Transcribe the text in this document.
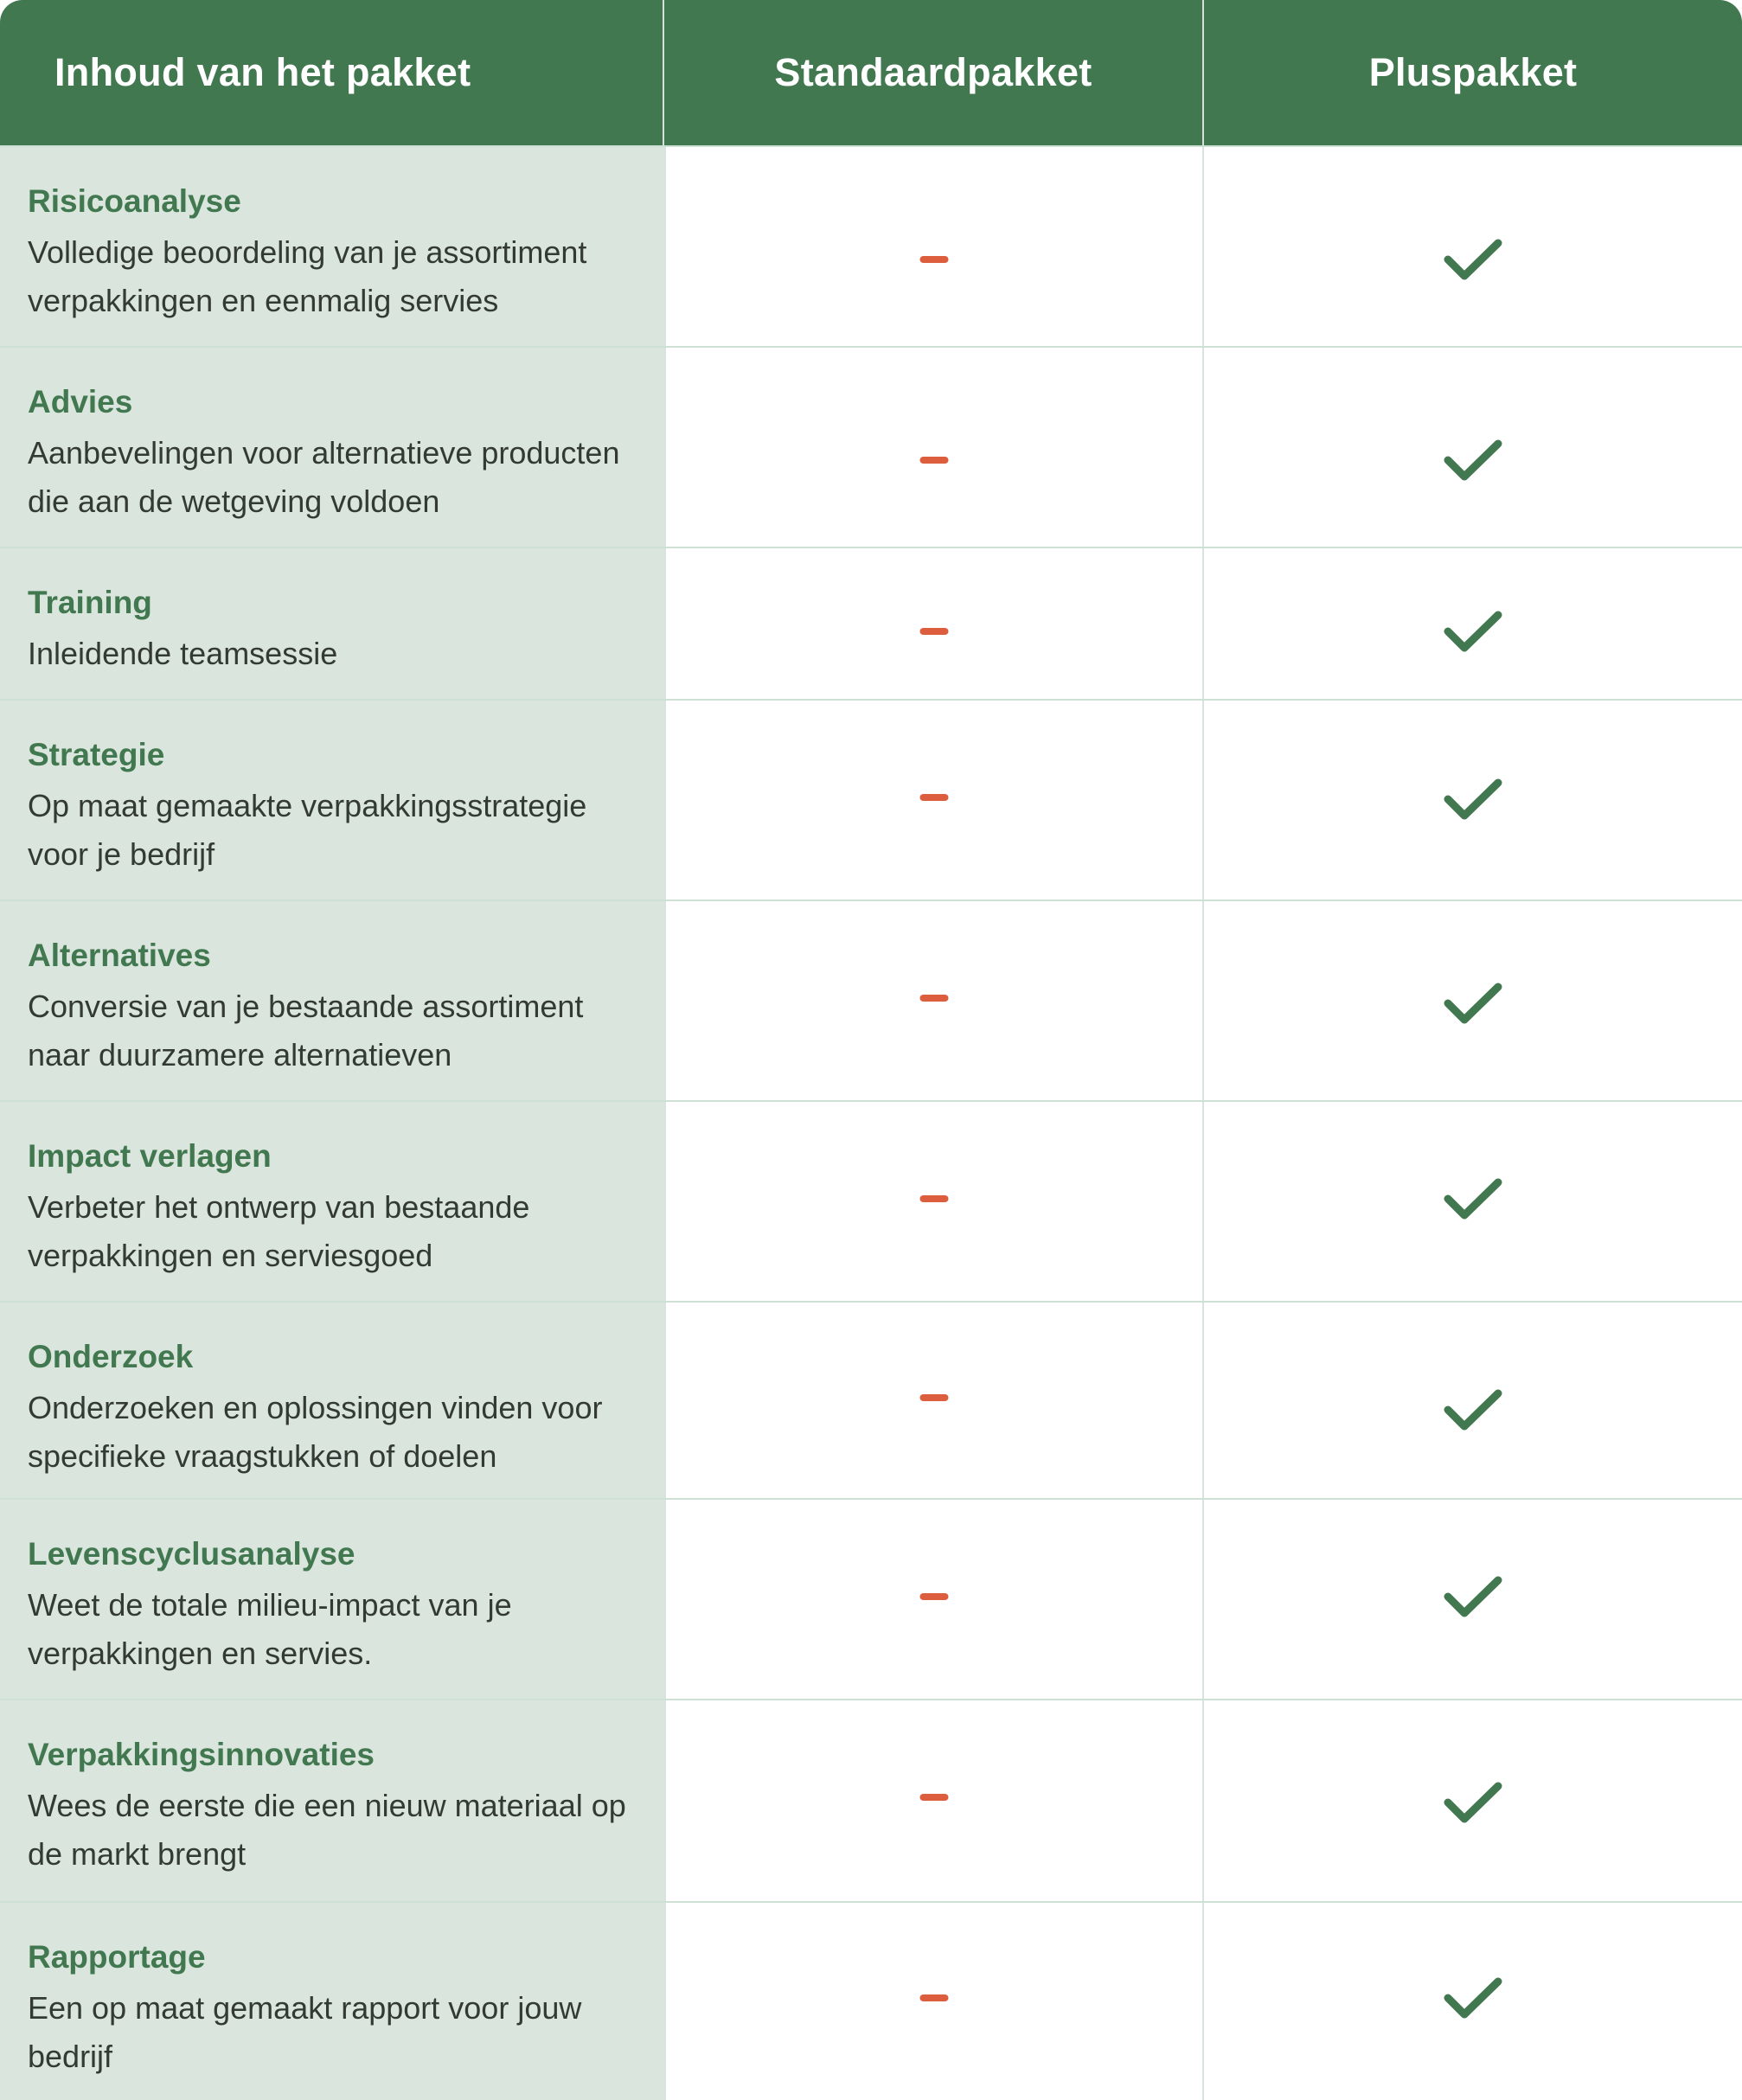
Inhoud van het pakket	Standaardpakket	Pluspakket
Risicoanalyse
Volledige beoordeling van je assortiment verpakkingen en eenmalig servies
Advies
Aanbevelingen voor alternatieve producten die aan de wetgeving voldoen
Training
Inleidende teamsessie
Strategie
Op maat gemaakte verpakkingsstrategie voor je bedrijf
Alternatives
Conversie van je bestaande assortiment naar duurzamere alternatieven
Impact verlagen
Verbeter het ontwerp van bestaande verpakkingen en serviesgoed
Onderzoek
Onderzoeken en oplossingen vinden voor specifieke vraagstukken of doelen
Levenscyclusanalyse
Weet de totale milieu-impact van je verpakkingen en servies.
Verpakkingsinnovaties
Wees de eerste die een nieuw materiaal op de markt brengt
Rapportage
Een op maat gemaakt rapport voor jouw bedrijf
